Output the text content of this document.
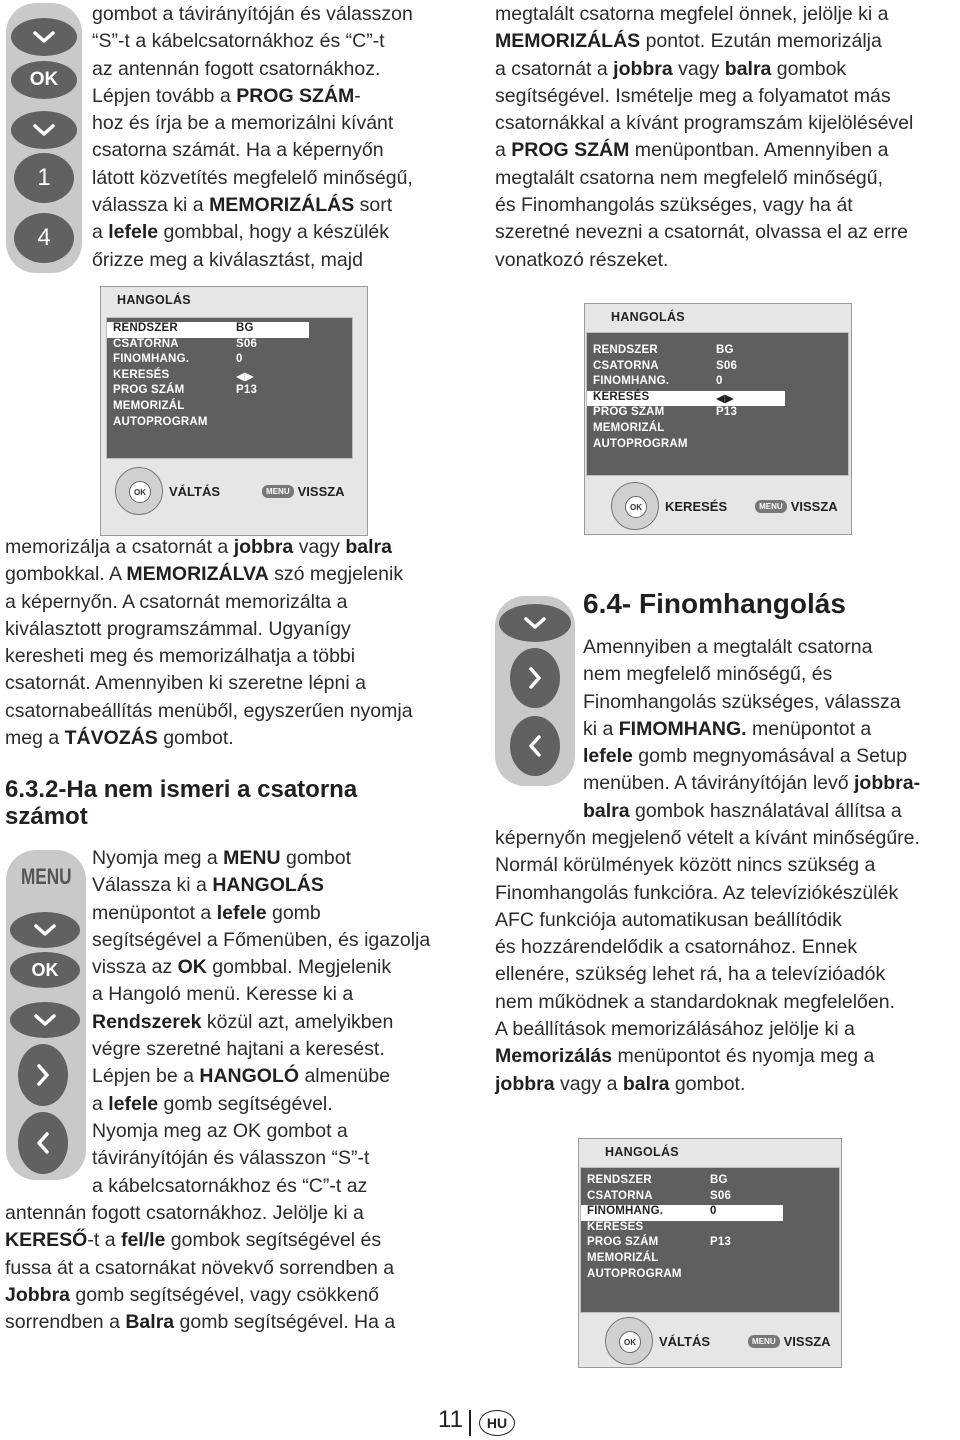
OK
1
4
gombot a távirányítóján és válasszon
“S”-t a kábelcsatornákhoz és “C”-t
az antennán fogott csatornákhoz.
Lépjen tovább a PROG SZÁM-
hoz és írja be a memorizálni kívánt
csatorna számát. Ha a képernyőn
látott közvetítés megfelelő minőségű,
válassza ki a MEMORIZÁLÁS sort
a lefele gombbal, hogy a készülék
őrizze meg a kiválasztást, majd
megtalált csatorna megfelel önnek, jelölje ki a
MEMORIZÁLÁS pontot. Ezután memorizálja
a csatornát a jobbra vagy balra gombok
segítségével. Ismételje meg a folyamatot más
csatornákkal a kívánt programszám kijelölésével
a PROG SZÁM menüpontban. Amennyiben a
megtalált csatorna nem megfelelő minőségű,
és Finomhangolás szükséges, vagy ha át
szeretné nevezni a csatornát, olvassa el az erre
vonatkozó részeket.
HANGOLÁS
RENDSZER	BG
CSATORNA	S06
FINOMHANG.	0
KERESÉS	◀▶
PROG SZÁM	P13
MEMORIZÁL
AUTOPROGRAM
OK	VÁLTÁS	MENU VISSZA
HANGOLÁS
RENDSZER	BG
CSATORNA	S06
FINOMHANG.	0
KERESÉS	◀▶
PROG SZÁM	P13
MEMORIZÁL
AUTOPROGRAM
OK	KERESÉS	MENU VISSZA
memorizálja a csatornát a jobbra vagy balra
gombokkal. A MEMORIZÁLVA szó megjelenik
a képernyőn. A csatornát memorizálta a
kiválasztott programszámmal. Ugyanígy
keresheti meg és memorizálhatja a többi
csatornát. Amennyiben ki szeretne lépni a
csatornabeállítás menüből, egyszerűen nyomja
meg a TÁVOZÁS gombot.
6.3.2-Ha nem ismeri a csatorna
számot
MENU
OK
Nyomja meg a MENU gombot
Válassza ki a HANGOLÁS
menüpontot a lefele gomb
segítségével a Főmenüben, és igazolja
vissza az OK gombbal. Megjelenik
a Hangoló menü. Keresse ki a
Rendszerek közül azt, amelyikben
végre szeretné hajtani a keresést.
Lépjen be a HANGOLÓ almenübe
a lefele gomb segítségével.
Nyomja meg az OK gombot a
távirányítóján és válasszon “S”-t
a kábelcsatornákhoz és “C”-t az
antennán fogott csatornákhoz. Jelölje ki a
KERESŐ-t a fel/le gombok segítségével és
fussa át a csatornákat növekvő sorrendben a
Jobbra gomb segítségével, vagy csökkenő
sorrendben a Balra gomb segítségével. Ha a
6.4- Finomhangolás
Amennyiben a megtalált csatorna
nem megfelelő minőségű, és
Finomhangolás szükséges, válassza
ki a FIMOMHANG. menüpontot a
lefele gomb megnyomásával a Setup
menüben. A távirányítóján levő jobbra-
balra gombok használatával állítsa a
képernyőn megjelenő vételt a kívánt minőségűre.
Normál körülmények között nincs szükség a
Finomhangolás funkcióra. Az televíziókészülék
AFC funkciója automatikusan beállítódik
és hozzárendelődik a csatornához. Ennek
ellenére, szükség lehet rá, ha a televízióadók
nem működnek a standardoknak megfelelően.
A beállítások memorizálásához jelölje ki a
Memorizálás menüpontot és nyomja meg a
jobbra vagy a balra gombot.
HANGOLÁS
RENDSZER	BG
CSATORNA	S06
FINOMHANG.	0
KERESÉS
PROG SZÁM	P13
MEMORIZÁL
AUTOPROGRAM
OK	VÁLTÁS	MENU VISSZA
11	HU
